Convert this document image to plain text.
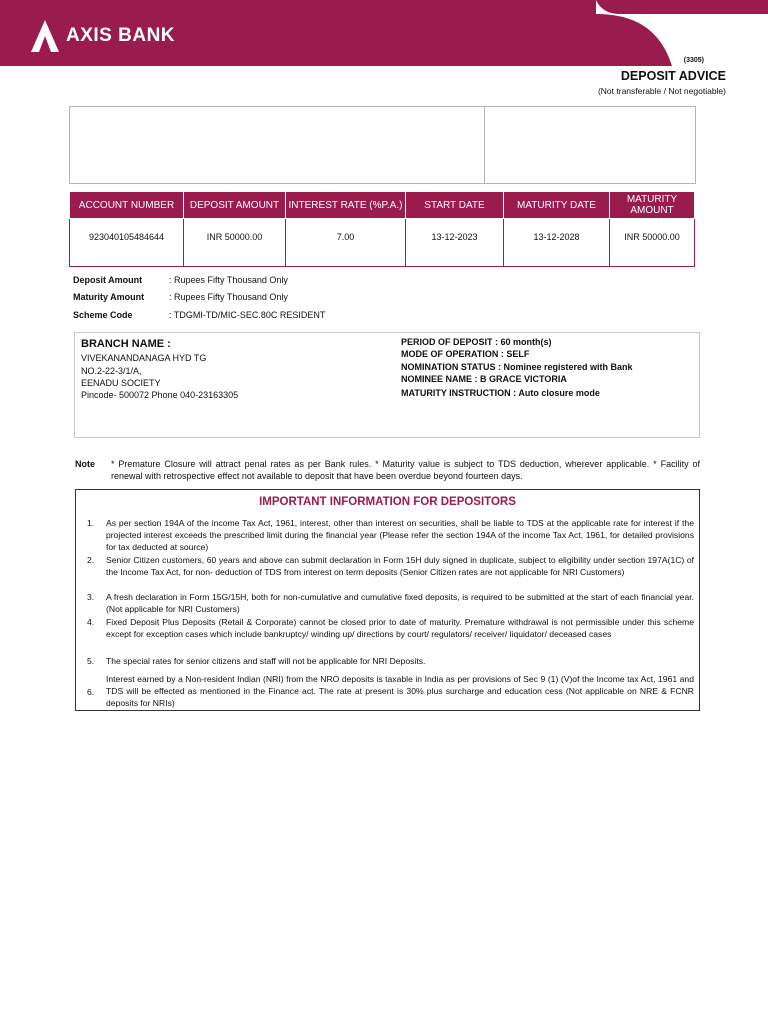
AXIS BANK
(3305)
DEPOSIT ADVICE
(Not transferable / Not negotiable)
ACCOUNT NUMBER	DEPOSIT AMOUNT	INTEREST RATE (%P.A.)	START DATE	MATURITY DATE	MATURITY AMOUNT
923040105484644	INR 50000.00	7.00	13-12-2023	13-12-2028	INR 50000.00
Deposit Amount	: Rupees Fifty Thousand Only
Maturity Amount	: Rupees Fifty Thousand Only
Scheme Code	: TDGMI-TD/MIC-SEC.80C RESIDENT
BRANCH NAME :
VIVEKANANDANAGA HYD TG
NO.2-22-3/1/A,
EENADU SOCIETY
Pincode- 500072 Phone 040-23163305
PERIOD OF DEPOSIT : 60 month(s)
MODE OF OPERATION : SELF
NOMINATION STATUS : Nominee registered with Bank
NOMINEE NAME : B GRACE VICTORIA
MATURITY INSTRUCTION : Auto closure mode
Note * Premature Closure will attract penal rates as per Bank rules. * Maturity value is subject to TDS deduction, wherever applicable. * Facility of renewal with retrospective effect not available to deposit that have been overdue beyond fourteen days.
IMPORTANT INFORMATION FOR DEPOSITORS
1. As per section 194A of the income Tax Act, 1961, interest, other than interest on securities, shall be liable to TDS at the applicable rate for interest if the projected interest exceeds the prescribed limit during the financial year (Please refer the section 194A of the income Tax Act, 1961, for detailed provisions for tax deducted at source)
2. Senior Citizen customers, 60 years and above can submit declaration in Form 15H duly signed in duplicate, subject to eligibility under section 197A(1C) of the Income Tax Act, for non- deduction of TDS from interest on term deposits (Senior Citizen rates are not applicable for NRI Customers)
3. A fresh declaration in Form 15G/15H, both for non-cumulative and cumulative fixed deposits, is required to be submitted at the start of each financial year. (Not applicable for NRI Customers)
4. Fixed Deposit Plus Deposits (Retail & Corporate) cannot be closed prior to date of maturity. Premature withdrawal is not permissible under this scheme except for exception cases which include bankruptcy/ winding up/ directions by court/ regulators/ receiver/ liquidator/ deceased cases
5. The special rates for senior citizens and staff will not be applicable for NRI Deposits.
6.
Interest earned by a Non-resident Indian (NRI) from the NRO deposits is taxable in India as per provisions of Sec 9 (1) (V)of the Income tax Act, 1961 and TDS will be effected as mentioned in the Finance act. The rate at present is 30% plus surcharge and education cess (Not applicable on NRE & FCNR deposits for NRIs)
